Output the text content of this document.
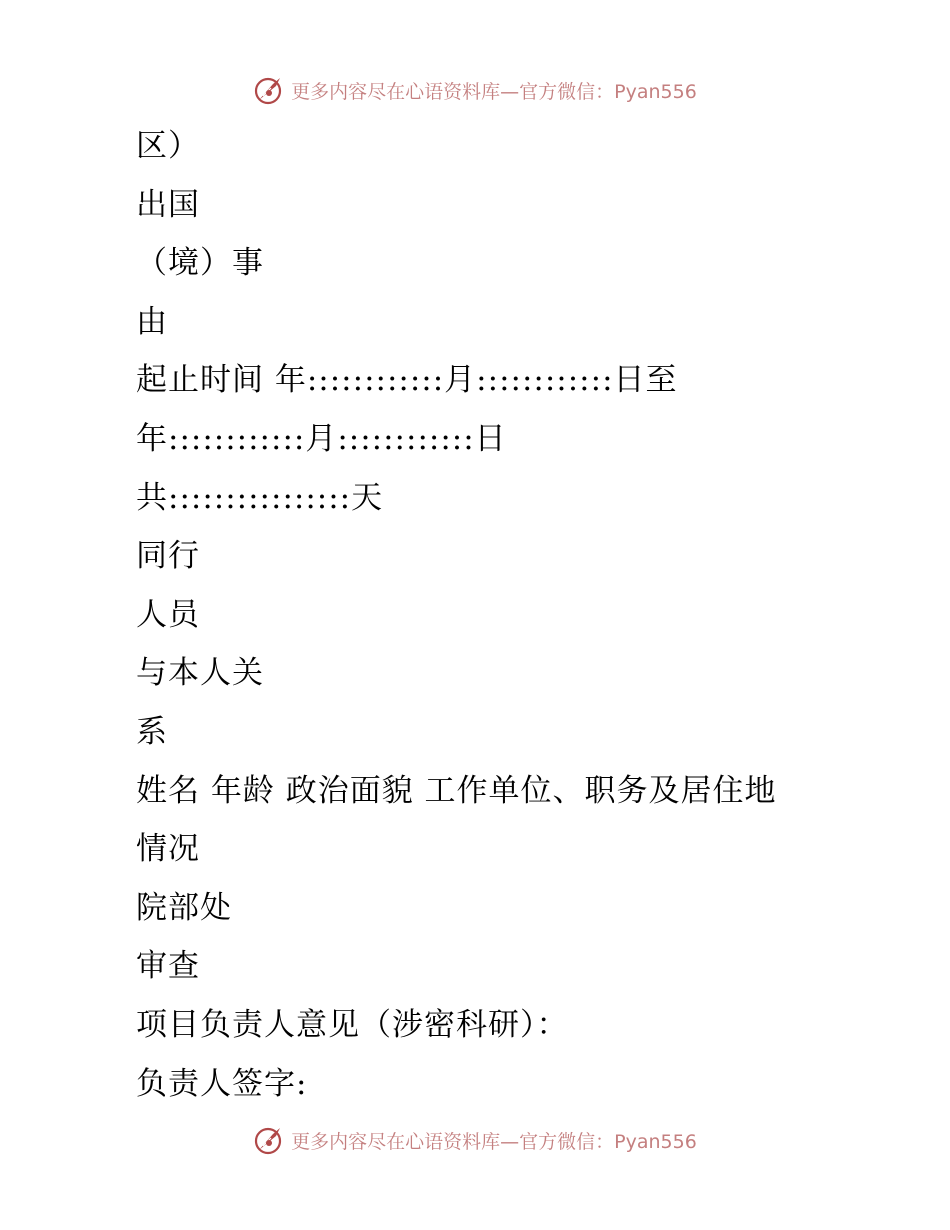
更多内容尽在心语资料库—官方微信：Pyan556
区）
出国
（境）事
由
起止时间 年::::::::::::月::::::::::::日至
年::::::::::::月::::::::::::日
共::::::::::::::::天
同行
人员
与本人关
系
姓名 年龄 政治面貌 工作单位、职务及居住地
情况
院部处
审查
项目负责人意见（涉密科研）：
负责人签字:
更多内容尽在心语资料库—官方微信：Pyan556
